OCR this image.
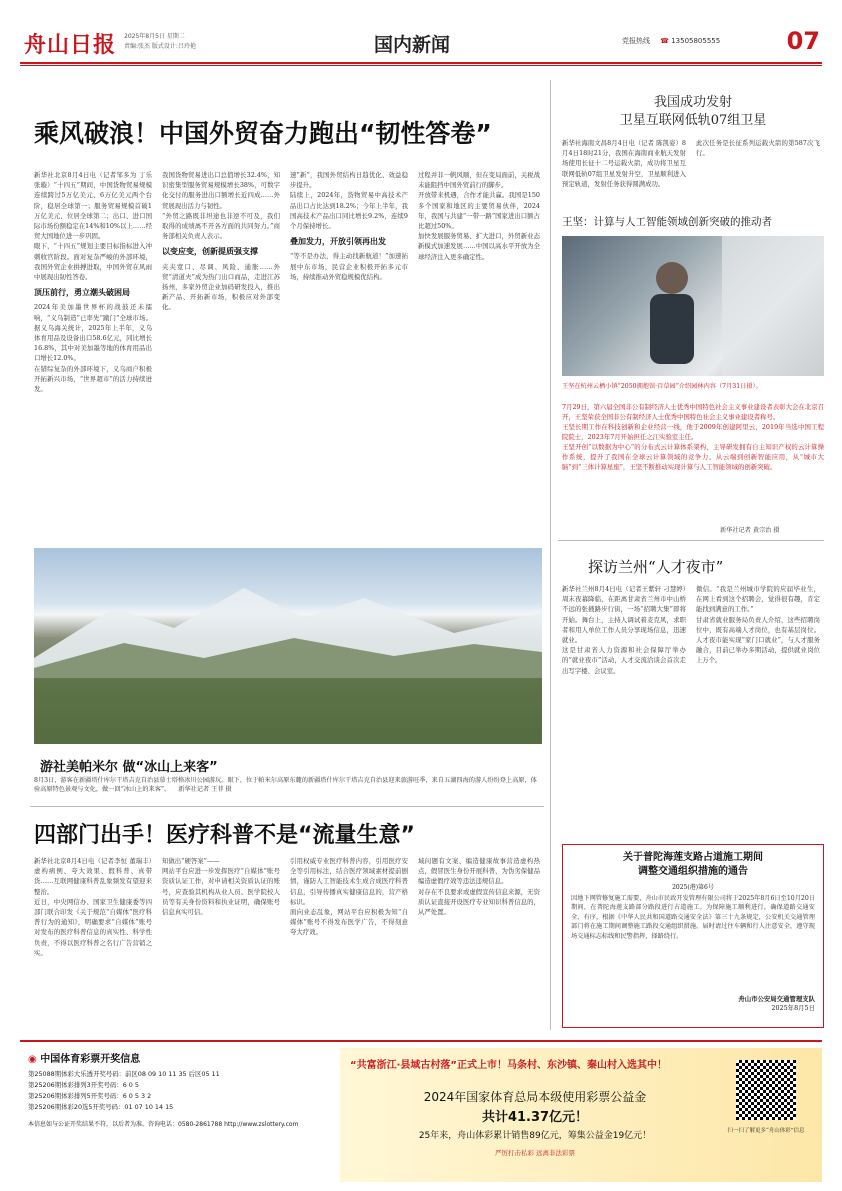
舟山日报 2025年8月5日 星期二
责编:张杰 版式设计:吕玲艳	国内新闻	党报热线 ☎ 13505805555	07
乘风破浪！中国外贸奋力跑出“韧性答卷”

新华社北京8月4日电（记者邹多为 丁乐 张璇）“十四五”期间，中国货物贸易规模连续跨过5万亿美元、6万亿美元两个台阶，稳居全球第一；服务贸易规模首破1万亿美元、位居全球第二；出口、进口国际市场份额稳定在14%和10%以上……经贸大国地位进一步巩固。
眼下，“十四五”规划主要目标指标进入冲刺收官阶段。面对复杂严峻的外部环境，我国外贸企业拼搏进取，中国外贸在风雨中展现出韧性答卷。

顶压前行，勇立潮头破困局

2024年美加墨世界杯的战鼓还未擂响，“义乌制造”已率先“蹴门”全球市场。据义乌海关统计，2025年上半年，义乌体育用品及设备出口58.6亿元，同比增长16.8%，其中对美加墨等地的体育用品出口增长12.0%。
在错综复杂的外部环境下，义乌商户积极开拓新兴市场，“世界超市”的活力持续迸发。

我国货物贸易进出口总值增长32.4%，知识密集型服务贸易规模增长38%，可数字化交付的服务进出口额增长近四成……外贸展现出活力与韧性。
“外贸之路既非坦途也非逆不可及，我们取得的成绩离不开各方面的共同努力。”商务部相关负责人表示。

以变应变，创新提质强支撑

夹夹宽口、尽调、风险、通胀……外贸“清道夫”成为热门出口商品，走进江苏扬州，多家外贸企业加码研发投入，推出新产品、开拓新市场，积极应对外部变化。

速”新”，我国外贸结构日趋优化、效益稳步提升。
陆续上，2024年，货物贸易中高技术产品出口占比达到18.2%；今年上半年，我国高技术产品出口同比增长9.2%，连续9个月保持增长。

叠加发力，开放引领再出发

“等不是办法，得主动找新航道！”加速拓展中东市场，民营企业积极开拓多元市场，持续推动外贸稳规模优结构。

过程并非一帆风顺，但在变局面前，关税战未能阻挡中国外贸前行的脚步。
开放带来机遇，合作才能共赢。我国是150多个国家和地区的主要贸易伙伴，2024年，我国与共建“一带一路”国家进出口额占比超过50%。
加快发展服务贸易、扩大进口，外贸新业态新模式加速发展……中国以高水平开放为全球经济注入更多确定性。

游社美帕米尔 做“冰山上来客”
8月3日，游客在新疆塔什库尔干塔吉克自治县慕士塔格冰川公园游玩。眼下，位于帕米尔高原东麓的新疆塔什库尔干塔吉克自治县迎来旅游旺季，来自五湖四海的游人纷纷登上高原，体验高原特色景观与文化，做一回“冰山上的来客”。 新华社记者 王菲 摄
四部门出手！医疗科普不是“流量生意”

新华社北京8月4日电（记者李恒 董瑞丰）虚构病例、夸大效果、假科普、真带货……互联网健康科普乱象频发有望迎来整治。
近日，中央网信办、国家卫生健康委等四部门联合印发《关于规范“自媒体”医疗科普行为的通知》，明确要求“自媒体”账号对发布的医疗科普信息的真实性、科学性负责，不得以医疗科普之名行广告营销之实。

知做出“硬答案”——
网站平台应进一步发挥医疗“自媒体”账号资质认证工作，对申请相关资质认证的账号，应查验其机构从业人员、医学院校人员等有关身份资料和执业证明，确保账号信息真实可信。

引用权威专业医疗科普内容，引用医疗安全等引用标注，结合医疗领域素材提前剧情，谨防人工智能技术生成合成医疗科普信息，引导传播真实健康信息的，营产格标识。
面向业态乱象，网站平台应积极为知“自媒体”账号不得发布医学广告，不得刻意夸大疗效。

域问题有文案、编造健康故事营造虚构热点，假冒医生身份开展科普，为伪劣保健品编造虚假疗效等违法违规信息。
对存在不良要求或虚假宣传信息来源，无资质认证直接开设医疗专业知识科普信息的，从严处置。

我国成功发射
卫星互联网低轨07组卫星

新华社海南文昌8月4日电（记者 陈凯姿）8月4日18时21分，我国在海南商业航天发射场使用长征十二号运载火箭，成功将卫星互联网低轨07组卫星发射升空，卫星顺利进入预定轨道，发射任务获得圆满成功。

此次任务是长征系列运载火箭的第587次飞行。

王坚：计算与人工智能领域创新突破的推动者
王坚在杭州云栖小镇“2050拥抱馆·百草园”介绍园林内容（7月31日摄）。

7月29日，第六届全国非公有制经济人士优秀中国特色社会主义事业建设者表彰大会在北京召开，王坚荣获全国非公有制经济人士优秀中国特色社会主义事业建设者称号。
王坚长期工作在科技创新和企业经营一线，他于2009年创建阿里云，2019年当选中国工程院院士，2023年7月开始担任之江实验室主任。
王坚开创“以数据为中心”的分布式云计算体系架构，主导研发拥有自主知识产权的云计算操作系统，提升了我国在全球云计算领域的竞争力。从云端到创新智能应用，从“城市大脑”到“三体计算星座”，王坚不断推动实现计算与人工智能领域的创新突破。

新华社记者 黄宗治 摄
探访兰州“人才夜市”

新华社兰州8月4日电（记者王紫轩 刁慧婷）周末夜幕降临，在距离甘肃省兰州市中山桥不远的张掖路步行街，一场“招聘大集”即将开始。舞台上，主持人调试着麦克风，求职者和用人单位工作人员分享现场信息，迅速就业。
这是甘肃省人力资源和社会保障厅举办的“就业夜市”活动，人才交流洽谈会首次走出写字楼、会议室。

微信。“我是兰州城市学院的应届毕业生，在网上看到这个招聘会，觉得很有趣，肯定能找到满意的工作。”
甘肃省就业服务局负责人介绍，这些招聘岗位中，既有高端人才岗位，也有基层岗位。人才夜市能实现“家门口就业”，与人才服务融合，目前已举办多期活动，提供就业岗位上万个。

关于普陀海莲支路占道施工期间
调整交通组织措施的通告
2025(港)第6号
因地下网管修复施工需要，舟山市民政开发管理有限公司将于2025年8月6日至10月20日期间，在普陀海莲支路部分路段进行占道施工。为保障施工顺利进行，确保道路交通安全、有序，根据《中华人民共和国道路交通安全法》第三十九条规定，公安机关交通管理部门将在施工期间调整施工路段交通组织措施。届时请过往车辆和行人注意安全，遵守现场交通标志标线和民警指挥，择路绕行。
舟山市公安局交通管理支队
2025年8月5日
◉ 中国体育彩票开奖信息
第25088期体彩大乐透开奖号码：前区08 09 10 11 35 后区05 11
第25206期体彩排列3开奖号码：6 0 5
第25206期体彩排列5开奖号码：6 0 5 3 2
第25206期体彩20选5开奖号码：01 07 10 14 15
本信息如与公证开奖结果不符，以后者为准。咨询电话：0580-2861788 http://www.zslottery.com
“共富浙江·县域古村落”正式上市！马条村、东沙镇、秦山村入选其中！
2024年国家体育总局本级使用彩票公益金
共计41.37亿元！
25年来，舟山体彩累计销售89亿元，筹集公益金19亿元！
严厉打击私彩 远离非法彩票
扫一扫了解更多“舟山体彩”信息
